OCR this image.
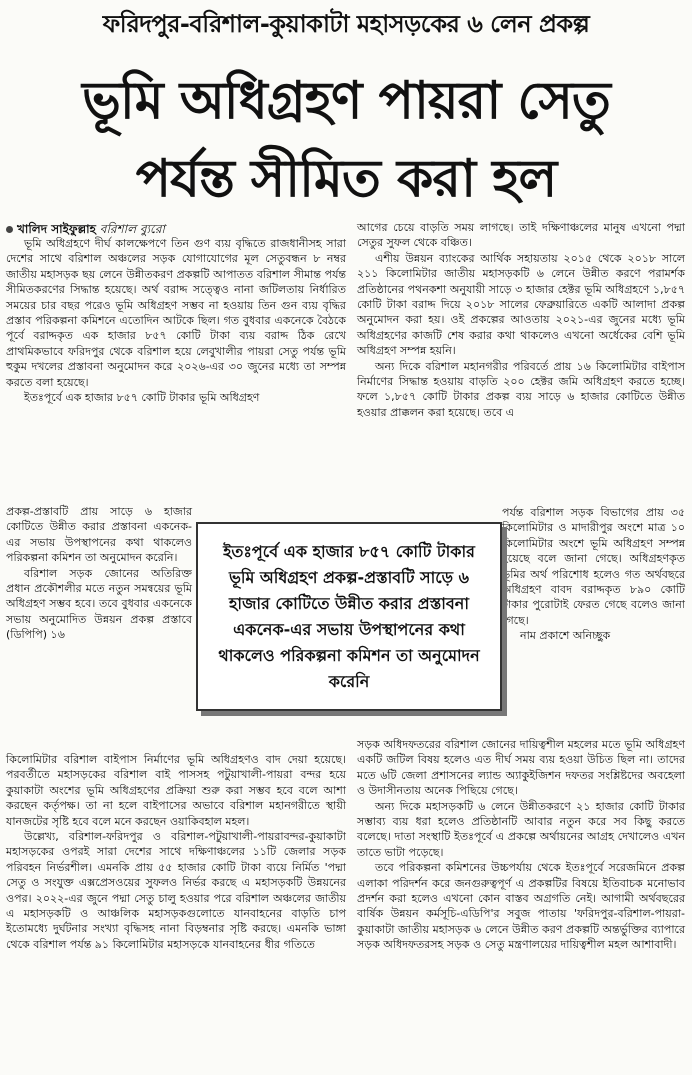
ফরিদপুর-বরিশাল-কুয়াকাটা মহাসড়কের ৬ লেন প্রকল্প
ভূমি অধিগ্রহণ পায়রা সেতু
পর্যন্ত সীমিত করা হল
খালিদ সাইফুল্লাহ বরিশাল ব্যুরো

ভূমি অধিগ্রহণে দীর্ঘ কালক্ষেপণে তিন গুণ ব্যয় বৃদ্ধিতে রাজধানীসহ সারা দেশের সাথে বরিশাল অঞ্চলের সড়ক যোগাযোগের মূল সেতুবন্ধন ৮ নম্বর জাতীয় মহাসড়ক ছয় লেনে উন্নীতকরণ প্রকল্পটি আপাতত বরিশাল সীমান্ত পর্যন্ত সীমিতকরণের সিদ্ধান্ত হয়েছে। অর্থ বরাদ্দ সত্ত্বেও নানা জটিলতায় নির্ধারিত সময়ের চার বছর পরেও ভূমি অধিগ্রহণ সম্ভব না হওয়ায় তিন গুন ব্যয় বৃদ্ধির প্রস্তাব পরিকল্পনা কমিশনে এতোদিন আটকে ছিল। গত বুধবার একনেকে বৈঠকে পূর্বে বরাদ্দকৃত এক হাজার ৮৫৭ কোটি টাকা ব্যয় বরাদ্দ ঠিক রেখে প্রাথমিকভাবে ফরিদপুর থেকে বরিশাল হয়ে লেবুখালীর পায়রা সেতু পর্যন্ত ভূমি হুকুম দখলের প্রস্তাবনা অনুমোদন করে ২০২৬-এর ৩০ জুনের মধ্যে তা সম্পন্ন করতে বলা হয়েছে।

ইতঃপূর্বে এক হাজার ৮৫৭ কোটি টাকার ভূমি অধিগ্রহণ

প্রকল্প-প্রস্তাবটি প্রায় সাড়ে ৬ হাজার কোটিতে উন্নীত করার প্রস্তাবনা একনেক-এর সভায় উপস্থাপনের কথা থাকলেও পরিকল্পনা কমিশন তা অনুমোদন করেনি।

বরিশাল সড়ক জোনের অতিরিক্ত প্রধান প্রকৌশলীর মতে নতুন সমন্বয়ের ভূমি অধিগ্রহণ সম্ভব হবে। তবে বুধবার একনেকে সভায় অনুমোদিত উন্নয়ন প্রকল্প প্রস্তাবে (ডিপিপি) ১৬

কিলোমিটার বরিশাল বাইপাস নির্মাণের ভূমি অধিগ্রহণও বাদ দেয়া হয়েছে। পরবর্তীতে মহাসড়কের বরিশাল বাই পাসসহ পটুয়াখালী-পায়রা বন্দর হয়ে কুয়াকাটা অংশের ভূমি অধিগ্রহণের প্রক্রিয়া শুরু করা সম্ভব হবে বলে আশা করছেন কর্তৃপক্ষ। তা না হলে বাইপাসের অভাবে বরিশাল মহানগরীতে স্থায়ী যানজটের সৃষ্টি হবে বলে মনে করছেন ওয়াকিবহাল মহল।

উল্লেখ্য, বরিশাল-ফরিদপুর ও বরিশাল-পটুয়াখালী-পায়রাবন্দর-কুয়াকাটা মহাসড়কের ওপরই সারা দেশের সাথে দক্ষিণাঞ্চলের ১১টি জেলার সড়ক পরিবহন নির্ভরশীল। এমনকি প্রায় ৫৫ হাজার কোটি টাকা ব্যয়ে নির্মিত 'পদ্মা সেতু ও সংযুক্ত এক্সপ্রেসওয়ের সুফলও নির্ভর করছে এ মহাসড়কটি উন্নয়নের ওপর। ২০২২-এর জুনে পদ্মা সেতু চালু হওয়ার পরে বরিশাল অঞ্চলের জাতীয় এ মহাসড়কটি ও আঞ্চলিক মহাসড়কগুলোতে যানবাহনের বাড়তি চাপ ইতোমধ্যে দুর্ঘটনার সংখ্যা বৃদ্ধিসহ নানা বিড়ম্বনার সৃষ্টি করছে। এমনকি ভাঙ্গা থেকে বরিশাল পর্যন্ত ৯১ কিলোমিটার মহাসড়কে যানবাহনের ধীর গতিতে

আগের চেয়ে বাড়তি সময় লাগছে। তাই দক্ষিণাঞ্চলের মানুষ এখনো পদ্মা সেতুর সুফল থেকে বঞ্চিত।

এশীয় উন্নয়ন ব্যাংকের আর্থিক সহায়তায় ২০১৫ থেকে ২০১৮ সালে ২১১ কিলোমিটার জাতীয় মহাসড়কটি ৬ লেনে উন্নীত করণে পরামর্শক প্রতিষ্ঠানের পথনকশা অনুযায়ী সাড়ে ৩ হাজার হেক্টর ভূমি অধিগ্রহণে ১,৮৫৭ কোটি টাকা বরাদ্দ দিয়ে ২০১৮ সালের ফেব্রুয়ারিতে একটি আলাদা প্রকল্প অনুমোদন করা হয়। ওই প্রকল্পের আওতায় ২০২১-এর জুনের মধ্যে ভূমি অধিগ্রহণের কাজটি শেষ করার কথা থাকলেও এখনো অর্ধেকের বেশি ভূমি অধিগ্রহণ সম্পন্ন হয়নি।

অন্য দিকে বরিশাল মহানগরীর পরিবর্তে প্রায় ১৬ কিলোমিটার বাইপাস নির্মাণের সিদ্ধান্ত হওয়ায় বাড়তি ২০০ হেক্টর জমি অধিগ্রহণ করতে হচ্ছে। ফলে ১,৮৫৭ কোটি টাকার প্রকল্প ব্যয় সাড়ে ৬ হাজার কোটিতে উন্নীত হওয়ার প্রাক্কলন করা হয়েছে। তবে এ

পর্যন্ত বরিশাল সড়ক বিভাগের প্রায় ৩৫ কিলোমিটার ও মাদারীপুর অংশে মাত্র ১০ কিলোমিটার অংশে ভূমি অধিগ্রহণ সম্পন্ন হয়েছে বলে জানা গেছে। অধিগ্রহণকৃত ভূমির অর্থ পরিশোধ হলেও গত অর্থবছরে অধিগ্রহণ বাবদ বরাদ্দকৃত ৮৯০ কোটি টাকার পুরোটাই ফেরত গেছে বলেও জানা গেছে।

নাম প্রকাশে অনিচ্ছুক

সড়ক অধিদফতরের বরিশাল জোনের দায়িত্বশীল মহলের মতে ভূমি অধিগ্রহণ একটি জটিল বিষয় হলেও এত দীর্ঘ সময় ব্যয় হওয়া উচিত ছিল না। তাদের মতে ৬টি জেলা প্রশাসনের ল্যান্ড অ্যাকুইজিশন দফতর সংশ্লিষ্টদের অবহেলা ও উদাসীনতায় অনেক পিছিয়ে গেছে।

অন্য দিকে মহাসড়কটি ৬ লেনে উন্নীতকরণে ২১ হাজার কোটি টাকার সম্ভাব্য ব্যয় ধরা হলেও প্রতিষ্ঠানটি আবার নতুন করে সব কিছু করতে বলেছে। দাতা সংস্থাটি ইতঃপূর্বে এ প্রকল্পে অর্থায়নের আগ্রহ দেখালেও এখন তাতে ভাটা পড়েছে।

তবে পরিকল্পনা কমিশনের উচ্চপর্যায় থেকে ইতঃপূর্বে সরেজমিনে প্রকল্প এলাকা পরিদর্শন করে জনগুরুত্বপূর্ণ এ প্রকল্পটির বিষয়ে ইতিবাচক মনোভাব প্রদর্শন করা হলেও এখনো কোন বাস্তব অগ্রগতি নেই। আগামী অর্থবছরের বার্ষিক উন্নয়ন কর্মসূচি-এডিপি'র সবুজ পাতায় 'ফরিদপুর-বরিশাল-পায়রা-কুয়াকাটা জাতীয় মহাসড়ক ৬ লেনে উন্নীত করণ প্রকল্পটি অন্তর্ভুক্তির ব্যাপারে সড়ক অধিদফতরসহ সড়ক ও সেতু মন্ত্রণালয়ের দায়িত্বশীল মহল আশাবাদী।

ইতঃপূর্বে এক হাজার ৮৫৭ কোটি টাকার ভূমি অধিগ্রহণ প্রকল্প-প্রস্তাবটি সাড়ে ৬ হাজার কোটিতে উন্নীত করার প্রস্তাবনা একনেক-এর সভায় উপস্থাপনের কথা থাকলেও পরিকল্পনা কমিশন তা অনুমোদন করেনি
